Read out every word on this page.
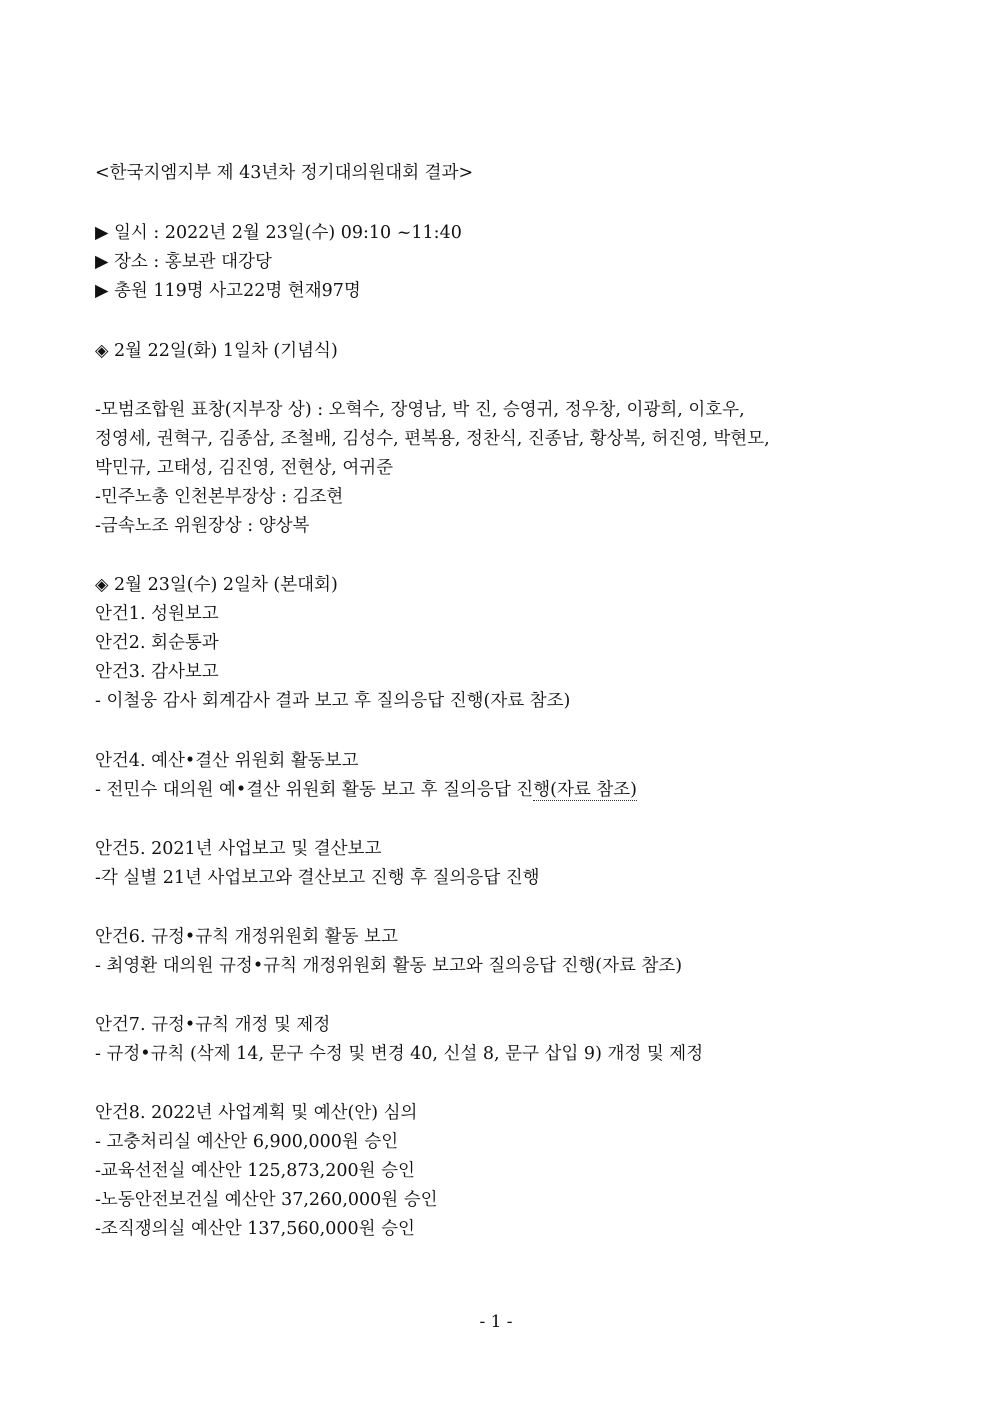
<한국지엠지부 제 43년차 정기대의원대회 결과>
▶ 일시 : 2022년 2월 23일(수) 09:10 ~11:40
▶ 장소 : 홍보관 대강당
▶ 총원 119명 사고22명 현재97명
◈ 2월 22일(화) 1일차 (기념식)
-모범조합원 표창(지부장 상) : 오혁수, 장영남, 박 진, 승영귀, 정우창, 이광희, 이호우,
정영세, 권혁구, 김종삼, 조철배, 김성수, 편복용, 정찬식, 진종남, 황상복, 허진영, 박현모,
박민규, 고태성, 김진영, 전현상, 여귀준
-민주노총 인천본부장상 : 김조현
-금속노조 위원장상 : 양상복
◈ 2월 23일(수) 2일차 (본대회)
안건1. 성원보고
안건2. 회순통과
안건3. 감사보고
- 이철웅 감사 회계감사 결과 보고 후 질의응답 진행(자료 참조)
안건4. 예산•결산 위원회 활동보고
- 전민수 대의원 예•결산 위원회 활동 보고 후 질의응답 진행(자료 참조)
안건5. 2021년 사업보고 및 결산보고
-각 실별 21년 사업보고와 결산보고 진행 후 질의응답 진행
안건6. 규정•규칙 개정위원회 활동 보고
- 최영환 대의원 규정•규칙 개정위원회 활동 보고와 질의응답 진행(자료 참조)
안건7. 규정•규칙 개정 및 제정
- 규정•규칙 (삭제 14, 문구 수정 및 변경 40, 신설 8, 문구 삽입 9) 개정 및 제정
안건8. 2022년 사업계획 및 예산(안) 심의
- 고충처리실 예산안 6,900,000원 승인
-교육선전실 예산안 125,873,200원 승인
-노동안전보건실 예산안 37,260,000원 승인
-조직쟁의실 예산안 137,560,000원 승인
- 1 -
